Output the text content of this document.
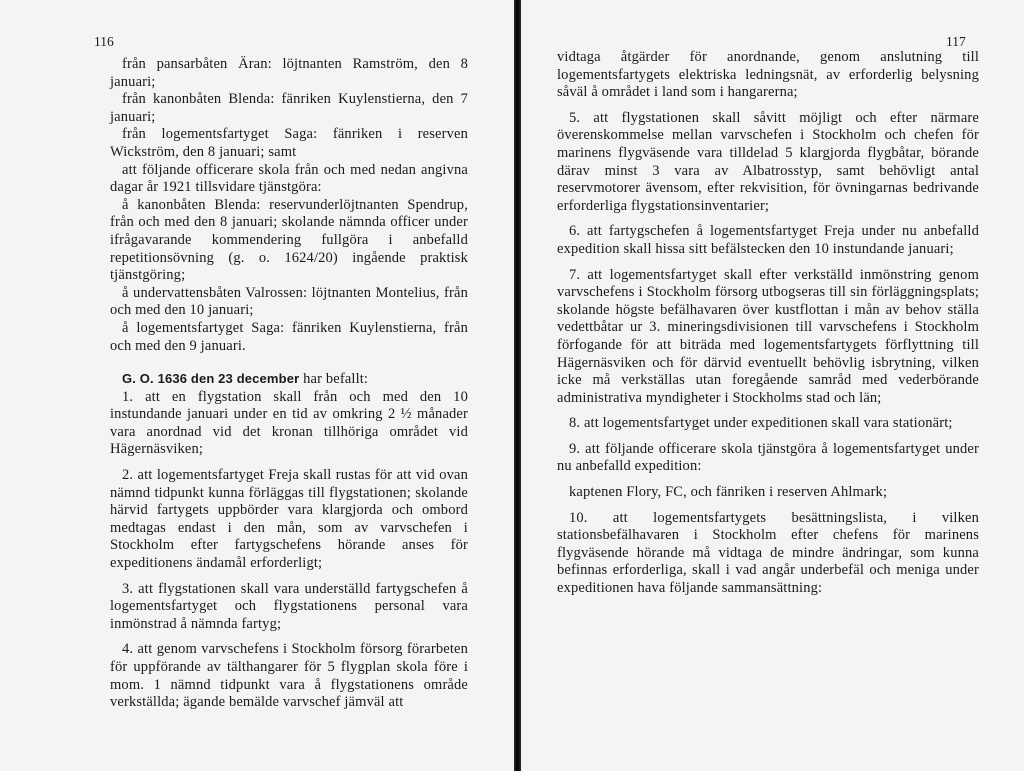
116

från pansarbåten Äran: löjtnanten Ramström, den 8 januari;

från kanonbåten Blenda: fänriken Kuylenstierna, den 7 januari;

från logementsfartyget Saga: fänriken i reserven Wickström, den 8 januari; samt

att följande officerare skola från och med nedan angivna dagar år 1921 tillsvidare tjänstgöra:

å kanonbåten Blenda: reservunderlöjtnanten Spendrup, från och med den 8 januari; skolande nämnda officer under ifrågavarande kommendering fullgöra i anbefalld repetitionsövning (g. o. 1624/20) ingående praktisk tjänstgöring;

å undervattensbåten Valrossen: löjtnanten Montelius, från och med den 10 januari;

å logementsfartyget Saga: fänriken Kuylenstierna, från och med den 9 januari.

G. O. 1636 den 23 december har befallt:

1. att en flygstation skall från och med den 10 instundande januari under en tid av omkring 2 ½ månader vara anordnad vid det kronan tillhöriga området vid Hägernäsviken;

2. att logementsfartyget Freja skall rustas för att vid ovan nämnd tidpunkt kunna förläggas till flygstationen; skolande härvid fartygets uppbörder vara klargjorda och ombord medtagas endast i den mån, som av varvschefen i Stockholm efter fartygschefens hörande anses för expeditionens ändamål erforderligt;

3. att flygstationen skall vara underställd fartygschefen å logementsfartyget och flygstationens personal vara inmönstrad å nämnda fartyg;

4. att genom varvschefens i Stockholm försorg förarbeten för uppförande av tälthangarer för 5 flygplan skola före i mom. 1 nämnd tidpunkt vara å flygstationens område verkställda; ägande bemälde varvschef jämväl att

117

vidtaga åtgärder för anordnande, genom anslutning till logementsfartygets elektriska ledningsnät, av erforderlig belysning såväl å området i land som i hangarerna;

5. att flygstationen skall såvitt möjligt och efter närmare överenskommelse mellan varvschefen i Stockholm och chefen för marinens flygväsende vara tilldelad 5 klargjorda flygbåtar, börande därav minst 3 vara av Albatrosstyp, samt behövligt antal reservmotorer ävensom, efter rekvisition, för övningarnas bedrivande erforderliga flygstationsinventarier;

6. att fartygschefen å logementsfartyget Freja under nu anbefalld expedition skall hissa sitt befälstecken den 10 instundande januari;

7. att logementsfartyget skall efter verkställd inmönstring genom varvschefens i Stockholm försorg utbogseras till sin förläggningsplats; skolande högste befälhavaren över kustflottan i mån av behov ställa vedettbåtar ur 3. mineringsdivisionen till varvschefens i Stockholm förfogande för att biträda med logementsfartygets förflyttning till Hägernäsviken och för därvid eventuellt behövlig isbrytning, vilken icke må verkställas utan foregående samråd med vederbörande administrativa myndigheter i Stockholms stad och län;

8. att logementsfartyget under expeditionen skall vara stationärt;

9. att följande officerare skola tjänstgöra å logementsfartyget under nu anbefalld expedition:

kaptenen Flory, FC, och fänriken i reserven Ahlmark;

10. att logementsfartygets besättningslista, i vilken stationsbefälhavaren i Stockholm efter chefens för marinens flygväsende hörande må vidtaga de mindre ändringar, som kunna befinnas erforderliga, skall i vad angår underbefäl och meniga under expeditionen hava följande sammansättning:
